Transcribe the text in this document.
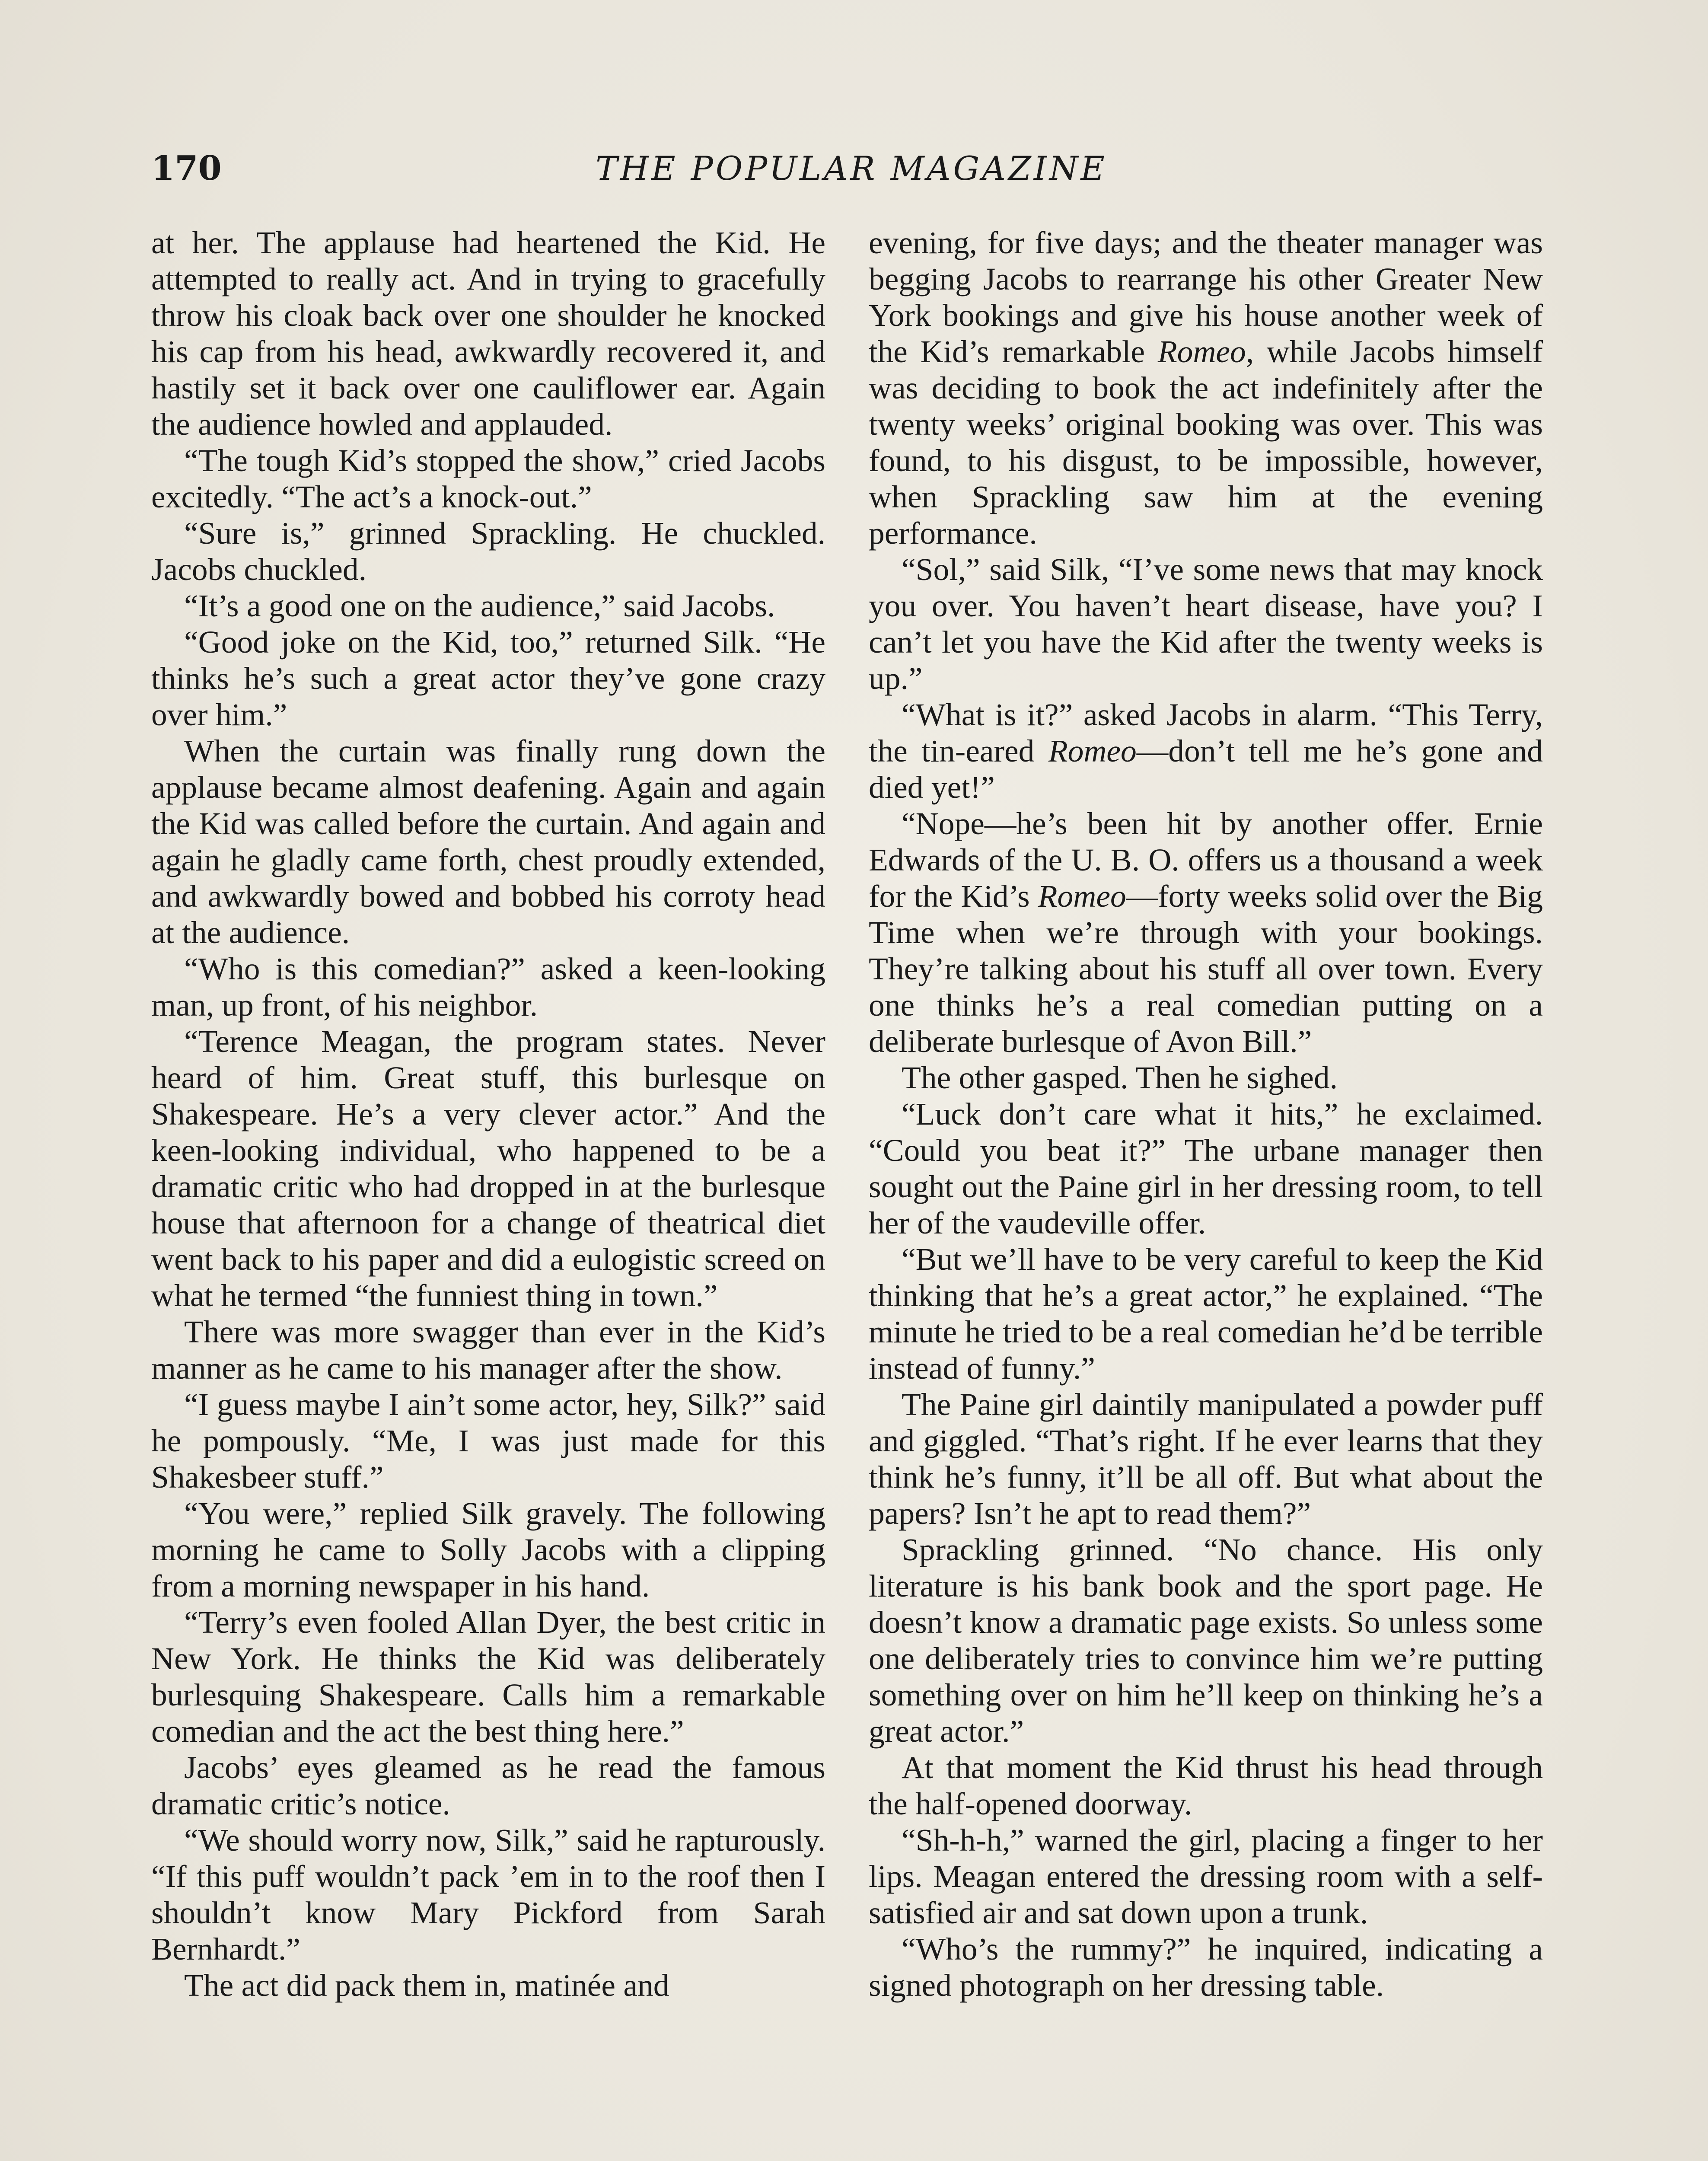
170	THE POPULAR MAGAZINE

at her. The applause had heartened the Kid. He attempted to really act. And in trying to gracefully throw his cloak back over one shoulder he knocked his cap from his head, awkwardly recovered it, and hastily set it back over one cauliflower ear. Again the audience howled and applauded.

“The tough Kid’s stopped the show,” cried Jacobs excitedly. “The act’s a knock-out.”

“Sure is,” grinned Sprackling. He chuckled. Jacobs chuckled.

“It’s a good one on the audience,” said Jacobs.

“Good joke on the Kid, too,” returned Silk. “He thinks he’s such a great actor they’ve gone crazy over him.”

When the curtain was finally rung down the applause became almost deafening. Again and again the Kid was called before the curtain. And again and again he gladly came forth, chest proudly extended, and awkwardly bowed and bobbed his corroty head at the audience.

“Who is this comedian?” asked a keen-looking man, up front, of his neighbor.

“Terence Meagan, the program states. Never heard of him. Great stuff, this burlesque on Shakespeare. He’s a very clever actor.” And the keen-looking individual, who happened to be a dramatic critic who had dropped in at the burlesque house that afternoon for a change of theatrical diet went back to his paper and did a eulogistic screed on what he termed “the funniest thing in town.”

There was more swagger than ever in the Kid’s manner as he came to his manager after the show.

“I guess maybe I ain’t some actor, hey, Silk?” said he pompously. “Me, I was just made for this Shakesbeer stuff.”

“You were,” replied Silk gravely. The following morning he came to Solly Jacobs with a clipping from a morning newspaper in his hand.

“Terry’s even fooled Allan Dyer, the best critic in New York. He thinks the Kid was deliberately burlesquing Shakespeare. Calls him a remarkable comedian and the act the best thing here.”

Jacobs’ eyes gleamed as he read the famous dramatic critic’s notice.

“We should worry now, Silk,” said he rapturously. “If this puff wouldn’t pack ’em in to the roof then I shouldn’t know Mary Pickford from Sarah Bernhardt.”

The act did pack them in, matinée and

evening, for five days; and the theater manager was begging Jacobs to rearrange his other Greater New York bookings and give his house another week of the Kid’s remarkable Romeo, while Jacobs himself was deciding to book the act indefinitely after the twenty weeks’ original booking was over. This was found, to his disgust, to be impossible, however, when Sprackling saw him at the evening performance.

“Sol,” said Silk, “I’ve some news that may knock you over. You haven’t heart disease, have you? I can’t let you have the Kid after the twenty weeks is up.”

“What is it?” asked Jacobs in alarm. “This Terry, the tin-eared Romeo—don’t tell me he’s gone and died yet!”

“Nope—he’s been hit by another offer. Ernie Edwards of the U. B. O. offers us a thousand a week for the Kid’s Romeo—forty weeks solid over the Big Time when we’re through with your bookings. They’re talking about his stuff all over town. Every one thinks he’s a real comedian putting on a deliberate burlesque of Avon Bill.”

The other gasped. Then he sighed.

“Luck don’t care what it hits,” he exclaimed. “Could you beat it?” The urbane manager then sought out the Paine girl in her dressing room, to tell her of the vaudeville offer.

“But we’ll have to be very careful to keep the Kid thinking that he’s a great actor,” he explained. “The minute he tried to be a real comedian he’d be terrible instead of funny.”

The Paine girl daintily manipulated a powder puff and giggled. “That’s right. If he ever learns that they think he’s funny, it’ll be all off. But what about the papers? Isn’t he apt to read them?”

Sprackling grinned. “No chance. His only literature is his bank book and the sport page. He doesn’t know a dramatic page exists. So unless some one deliberately tries to convince him we’re putting something over on him he’ll keep on thinking he’s a great actor.”

At that moment the Kid thrust his head through the half-opened doorway.

“Sh-h-h,” warned the girl, placing a finger to her lips. Meagan entered the dressing room with a self-satisfied air and sat down upon a trunk.

“Who’s the rummy?” he inquired, indicating a signed photograph on her dressing table.
